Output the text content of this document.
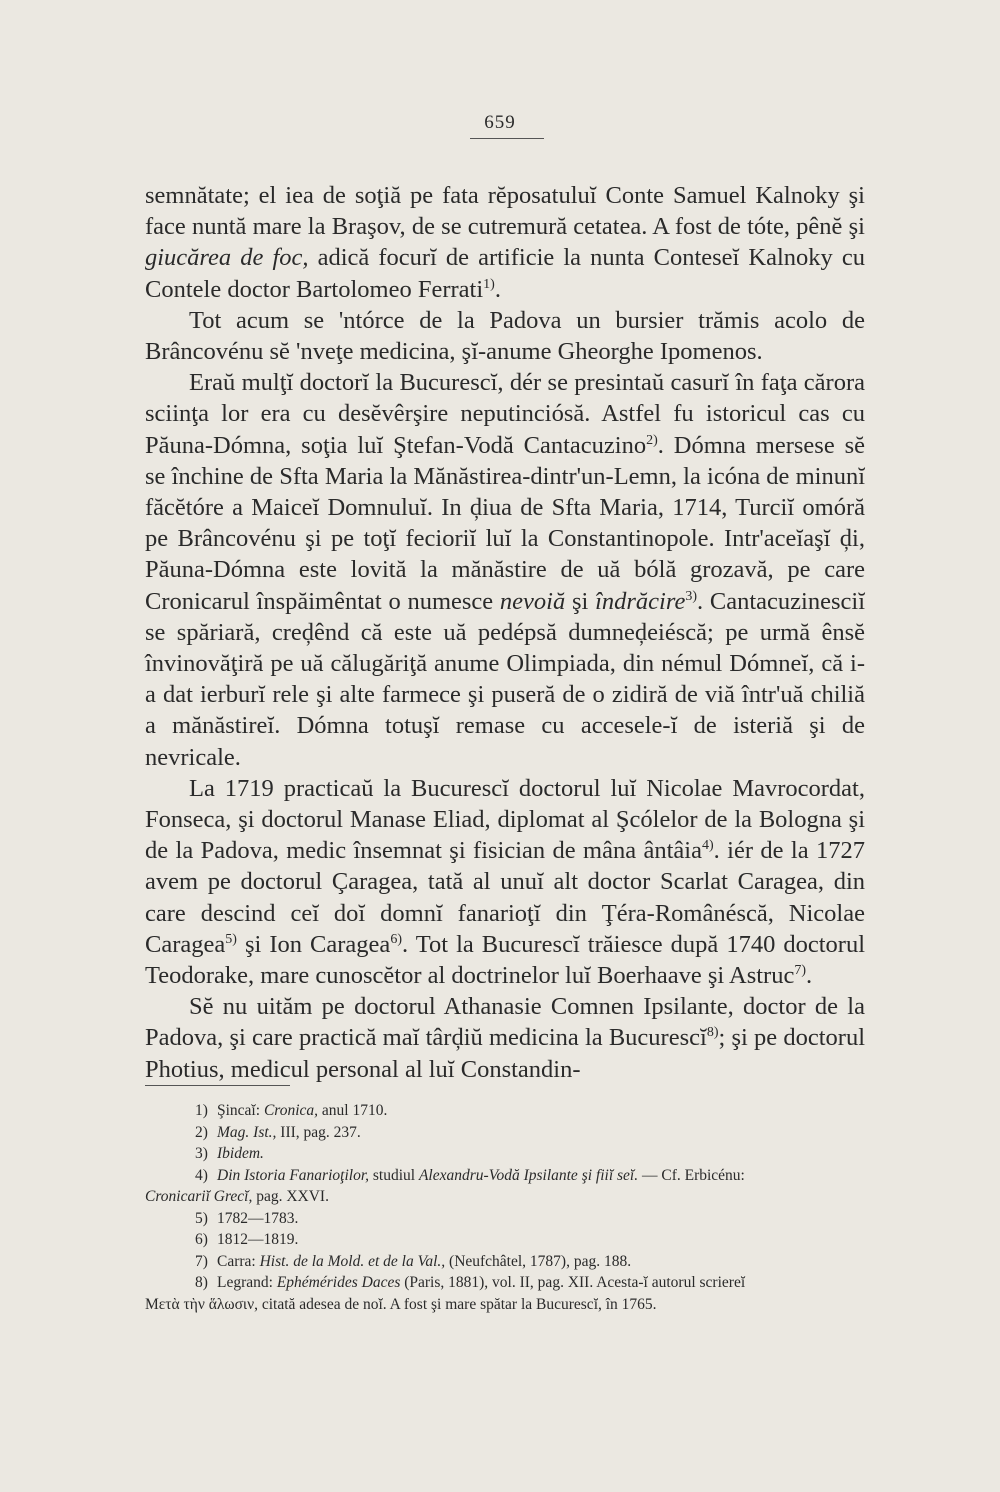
659

semnătate; el iea de soţiă pe fata rĕposatuluĭ Conte Samuel Kalnoky şi face nuntă mare la Braşov, de se cutremură cetatea. A fost de tóte, pênĕ şi giucărea de foc, adică focurĭ de artificie la nunta Conteseĭ Kalnoky cu Contele doctor Bartolomeo Ferrati$^{1)}$.

Tot acum se 'ntórce de la Padova un bursier trămis acolo de Brâncovénu sĕ 'nveţe medicina, şĭ-anume Gheorghe Ipomenos.

Eraŭ mulţĭ doctorĭ la Bucurescĭ, dér se presintaŭ casurĭ în faţa cărora sciinţa lor era cu desĕvêrşire neputinciósă. Astfel fu istoricul cas cu Păuna-Dómna, soţia luĭ Ştefan-Vodă Cantacuzino$^{2)}$. Dómna mersese sĕ se închine de Sfta Maria la Mănăstirea-dintr'un-Lemn, la icóna de minunĭ făcĕtóre a Maiceĭ Domnuluĭ. In ḑiua de Sfta Maria, 1714, Turciĭ omóră pe Brâncovénu şi pe toţĭ fecioriĭ luĭ la Constantinopole. Intr'aceĭaşĭ ḑi, Păuna-Dómna este lovită la mănăstire de uă bólă grozavă, pe care Cronicarul înspăimêntat o numesce nevoiă şi îndrăcire$^{3)}$. Cantacuzinesciĭ se spăriară, creḑênd că este uă pedépsă dumneḑeiéscă; pe urmă ênsĕ învinovăţiră pe uă călugăriţă anume Olimpiada, din némul Dómneĭ, că i-a dat ierburĭ rele şi alte farmece şi puseră de o zidiră de viă într'uă chiliă a mănăstireĭ. Dómna totuşĭ remase cu accesele-ĭ de isteriă şi de nevricale.

La 1719 practicaŭ la Bucurescĭ doctorul luĭ Nicolae Mavrocordat, Fonseca, şi doctorul Manase Eliad, diplomat al Şcólelor de la Bologna şi de la Padova, medic însemnat şi fisician de mâna ântâia$^{4)}$. iér de la 1727 avem pe doctorul Çaragea, tată al unuĭ alt doctor Scarlat Caragea, din care descind ceĭ doĭ domnĭ fanarioţĭ din Ţéra-Românéscă, Nicolae Caragea$^{5)}$ şi Ion Caragea$^{6)}$. Tot la Bucurescĭ trăiesce după 1740 doctorul Teodorake, mare cunoscĕtor al doctrinelor luĭ Boerhaave şi Astruc$^{7)}$.

Sĕ nu uităm pe doctorul Athanasie Comnen Ipsilante, doctor de la Padova, şi care practică maĭ târḑiŭ medicina la Bucurescĭ$^{8)}$; şi pe doctorul Photius, medicul personal al luĭ Constandin-

1) Şincaĭ: Cronica, anul 1710.

2) Mag. Ist., III, pag. 237.

3) Ibidem.

4) Din Istoria Fanarioţilor, studiul Alexandru-Vodă Ipsilante şi fiiĭ seĭ. — Cf. Erbicénu:

Cronicariĭ Grecĭ, pag. XXVI.

5) 1782—1783.

6) 1812—1819.

7) Carra: Hist. de la Mold. et de la Val., (Neufchâtel, 1787), pag. 188.

8) Legrand: Ephémérides Daces (Paris, 1881), vol. II, pag. XII. Acesta-ĭ autorul scriereĭ

Μετὰ τὴν ἅλωσιν, citată adesea de noĭ. A fost şi mare spătar la Bucurescĭ, în 1765.
